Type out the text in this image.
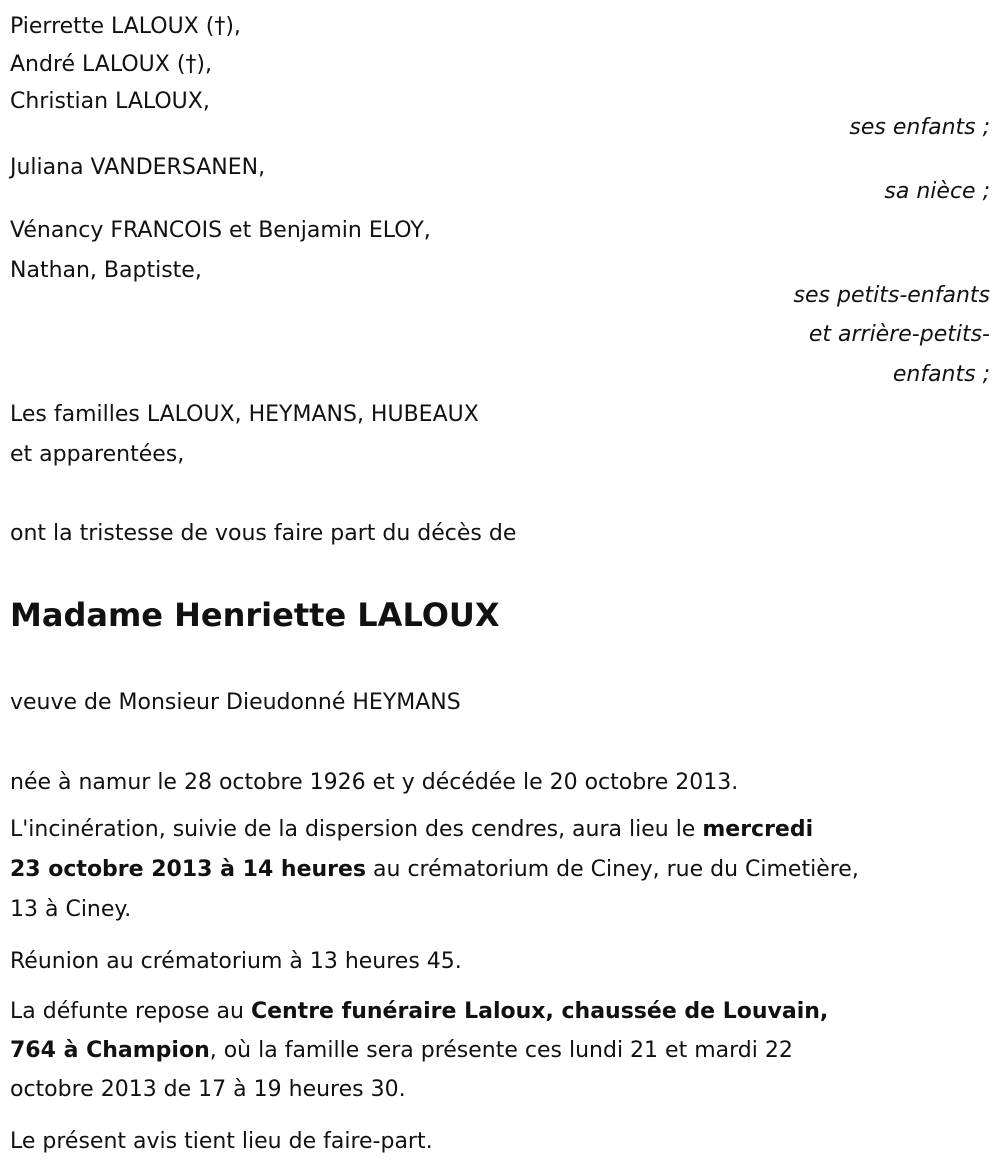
Pierrette LALOUX (†),
André LALOUX (†),
Christian LALOUX,
ses enfants ;
Juliana VANDERSANEN,
sa nièce ;
Vénancy FRANCOIS et Benjamin ELOY,
Nathan, Baptiste,
ses petits-enfants
et arrière-petits-
enfants ;
Les familles LALOUX, HEYMANS, HUBEAUX
et apparentées,
ont la tristesse de vous faire part du décès de
Madame Henriette LALOUX
veuve de Monsieur Dieudonné HEYMANS
née à namur le 28 octobre 1926 et y décédée le 20 octobre 2013.
L'incinération, suivie de la dispersion des cendres, aura lieu le mercredi
23 octobre 2013 à 14 heures au crématorium de Ciney, rue du Cimetière,
13 à Ciney.
Réunion au crématorium à 13 heures 45.
La défunte repose au Centre funéraire Laloux, chaussée de Louvain,
764 à Champion, où la famille sera présente ces lundi 21 et mardi 22
octobre 2013 de 17 à 19 heures 30.
Le présent avis tient lieu de faire-part.
